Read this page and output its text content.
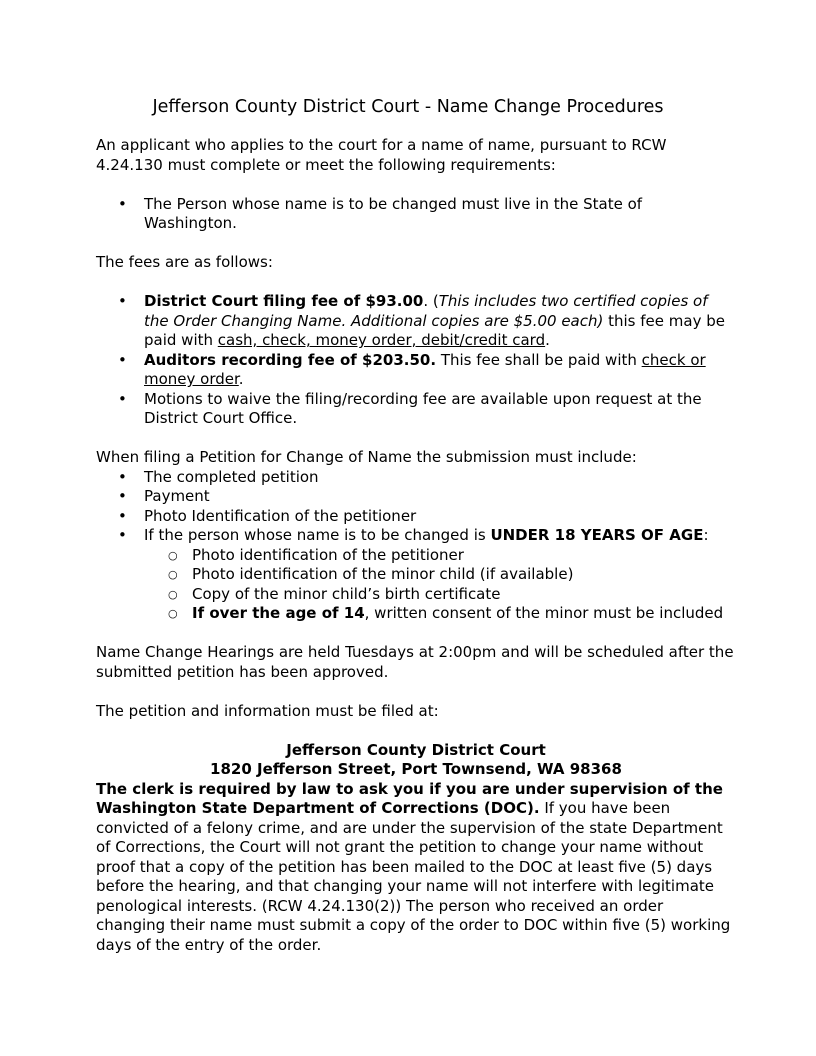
Jefferson County District Court - Name Change Procedures

An applicant who applies to the court for a name of name, pursuant to RCW 4.24.130 must complete or meet the following requirements:

• The Person whose name is to be changed must live in the State of Washington.

The fees are as follows:

• District Court filing fee of $93.00. (This includes two certified copies of the Order Changing Name. Additional copies are $5.00 each) this fee may be paid with cash, check, money order, debit/credit card.
• Auditors recording fee of $203.50. This fee shall be paid with check or money order.
• Motions to waive the filing/recording fee are available upon request at the District Court Office.

When filing a Petition for Change of Name the submission must include:

• The completed petition
• Payment
• Photo Identification of the petitioner
• If the person whose name is to be changed is UNDER 18 YEARS OF AGE:
○ Photo identification of the petitioner
○ Photo identification of the minor child (if available)
○ Copy of the minor child’s birth certificate
○ If over the age of 14, written consent of the minor must be included

Name Change Hearings are held Tuesdays at 2:00pm and will be scheduled after the submitted petition has been approved.

The petition and information must be filed at:

Jefferson County District Court

1820 Jefferson Street, Port Townsend, WA 98368

The clerk is required by law to ask you if you are under supervision of the Washington State Department of Corrections (DOC). If you have been convicted of a felony crime, and are under the supervision of the state Department of Corrections, the Court will not grant the petition to change your name without proof that a copy of the petition has been mailed to the DOC at least five (5) days before the hearing, and that changing your name will not interfere with legitimate penological interests. (RCW 4.24.130(2)) The person who received an order changing their name must submit a copy of the order to DOC within five (5) working days of the entry of the order.
